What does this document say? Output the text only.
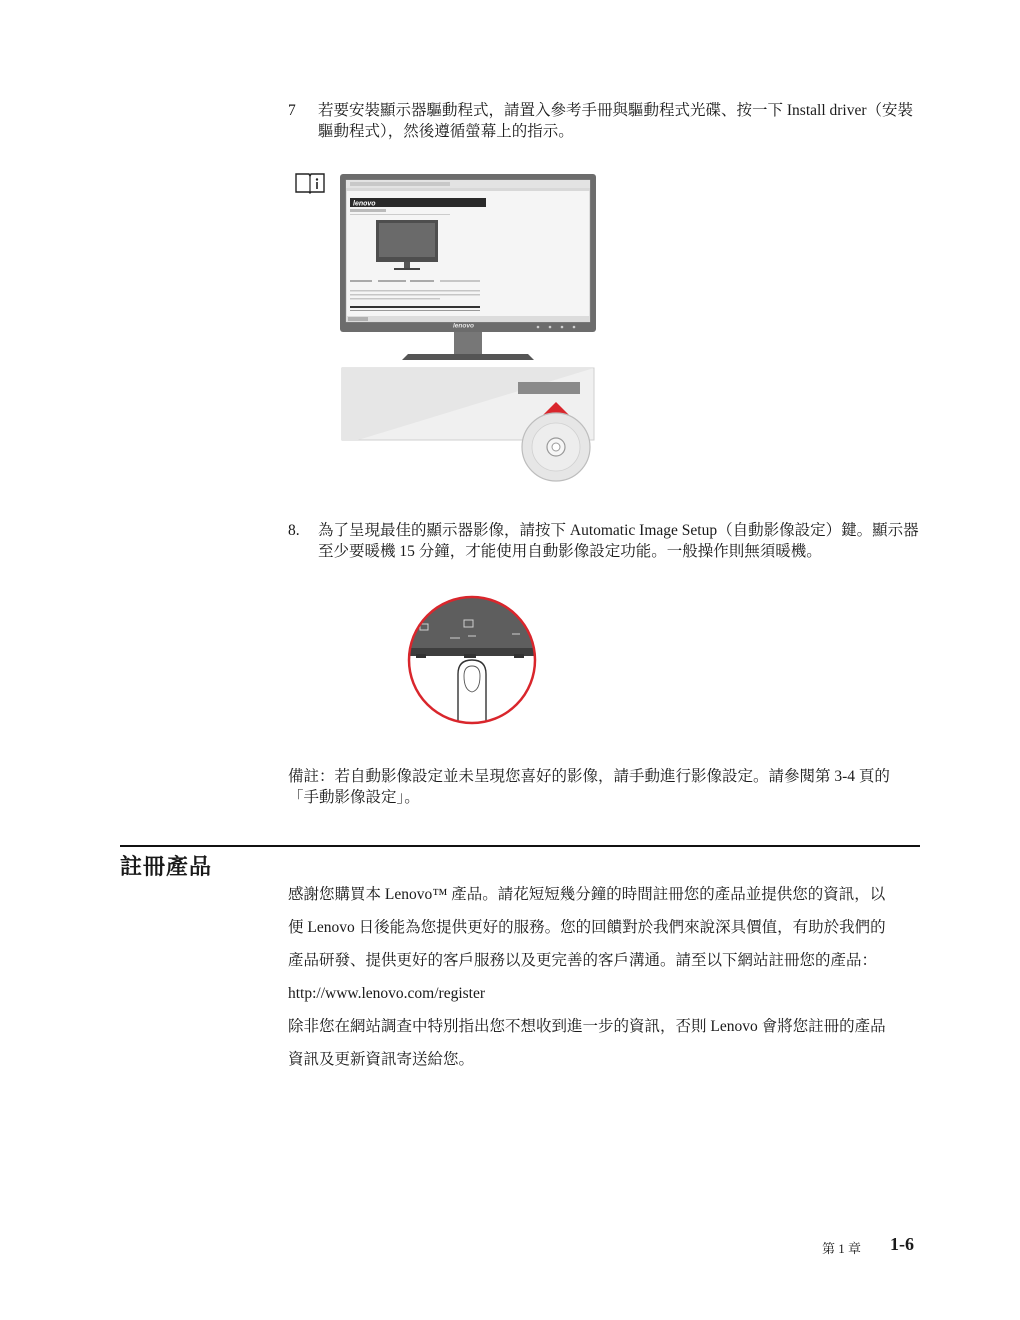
7 若要安裝顯示器驅動程式，請置入參考手冊與驅動程式光碟、按一下 Install driver（安裝驅動程式），然後遵循螢幕上的指示。
lenovo
lenovo
8. 為了呈現最佳的顯示器影像，請按下 Automatic Image Setup（自動影像設定）鍵。顯示器至少要暖機 15 分鐘，才能使用自動影像設定功能。一般操作則無須暖機。
備註：若自動影像設定並未呈現您喜好的影像，請手動進行影像設定。請參閱第 3-4 頁的「手動影像設定」。
註冊產品
感謝您購買本 Lenovo™ 產品。請花短短幾分鐘的時間註冊您的產品並提供您的資訊，以便 Lenovo 日後能為您提供更好的服務。您的回饋對於我們來說深具價值，有助於我們的產品研發、提供更好的客戶服務以及更完善的客戶溝通。請至以下網站註冊您的產品：http://www.lenovo.com/register
除非您在網站調查中特別指出您不想收到進一步的資訊，否則 Lenovo 會將您註冊的產品資訊及更新資訊寄送給您。
第 1 章 1-6
